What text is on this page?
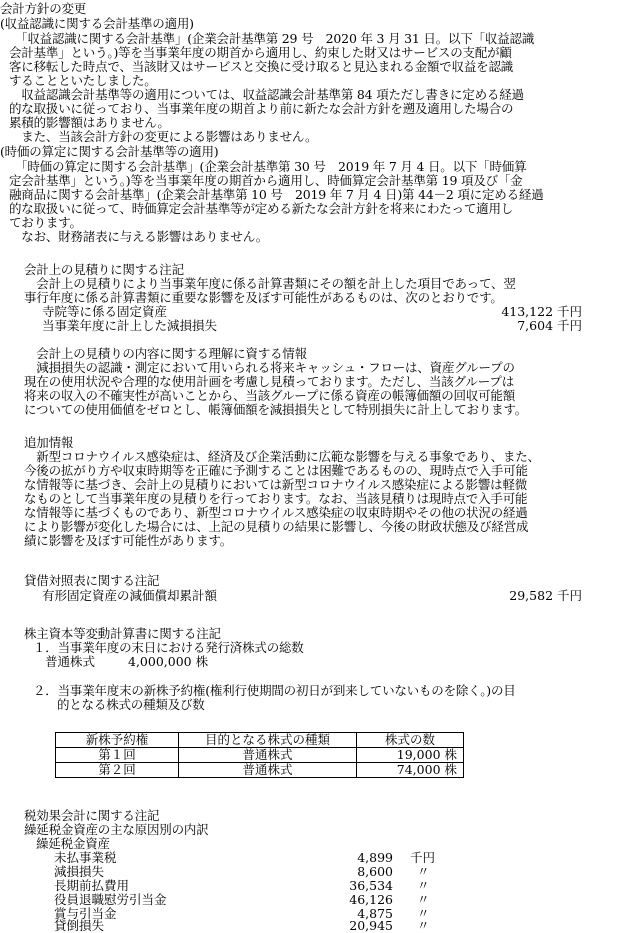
会計方針の変更
(収益認識に関する会計基準の適用)
　「収益認識に関する会計基準」(企業会計基準第 29 号　2020 年 3 月 31 日。以下「収益認識
会計基準」という。)等を当事業年度の期首から適用し、約束した財又はサービスの支配が顧
客に移転した時点で、当該財又はサービスと交換に受け取ると見込まれる金額で収益を認識
することといたしました。
　収益認識会計基準等の適用については、収益認識会計基準第 84 項ただし書きに定める経過
的な取扱いに従っており、当事業年度の期首より前に新たな会計方針を遡及適用した場合の
累積的影響額はありません。
　また、当該会計方針の変更による影響はありません。
(時価の算定に関する会計基準等の適用)
　「時価の算定に関する会計基準」(企業会計基準第 30 号　2019 年 7 月 4 日。以下「時価算
定会計基準」という。)等を当事業年度の期首から適用し、時価算定会計基準第 19 項及び「金
融商品に関する会計基準」(企業会計基準第 10 号　2019 年 7 月 4 日)第 44－2 項に定める経過
的な取扱いに従って、時価算定会計基準等が定める新たな会計方針を将来にわたって適用し
ております。
　なお、財務諸表に与える影響はありません。
会計上の見積りに関する注記
　会計上の見積りにより当事業年度に係る計算書類にその額を計上した項目であって、翌
事行年度に係る計算書類に重要な影響を及ぼす可能性があるものは、次のとおりです。
寺院等に係る固定資産	413,122 千円
当事業年度に計上した減損損失	7,604 千円
　会計上の見積りの内容に関する理解に資する情報
　減損損失の認識・測定において用いられる将来キャッシュ・フローは、資産グループの
現在の使用状況や合理的な使用計画を考慮し見積っております。ただし、当該グループは
将来の収入の不確実性が高いことから、当該グループに係る資産の帳簿価額の回収可能額
についての使用価値をゼロとし、帳簿価額を減損損失として特別損失に計上しております。
追加情報
　新型コロナウイルス感染症は、経済及び企業活動に広範な影響を与える事象であり、また、
今後の拡がり方や収束時期等を正確に予測することは困難であるものの、現時点で入手可能
な情報等に基づき、会計上の見積りにおいては新型コロナウイルス感染症による影響は軽微
なものとして当事業年度の見積りを行っております。なお、当該見積りは現時点で入手可能
な情報等に基づくものであり、新型コロナウイルス感染症の収束時期やその他の状況の経過
により影響が変化した場合には、上記の見積りの結果に影響し、今後の財政状態及び経営成
績に影響を及ぼす可能性があります。
貸借対照表に関する注記
有形固定資産の減価償却累計額	29,582 千円
株主資本等変動計算書に関する注記
１．当事業年度の末日における発行済株式の総数
普通株式	4,000,000 株
２．当事業年度末の新株予約権(権利行使期間の初日が到来していないものを除く。)の目
的となる株式の種類及び数
新株予約権	目的となる株式の種類	株式の数
第１回	普通株式	19,000 株
第２回	普通株式	74,000 株
税効果会計に関する注記
繰延税金資産の主な原因別の内訳
繰延税金資産
未払事業税	4,899 千円
減損損失	8,600 〃
長期前払費用	36,534 〃
役員退職慰労引当金	46,126 〃
賞与引当金	4,875 〃
貸倒損失	20,945 〃
